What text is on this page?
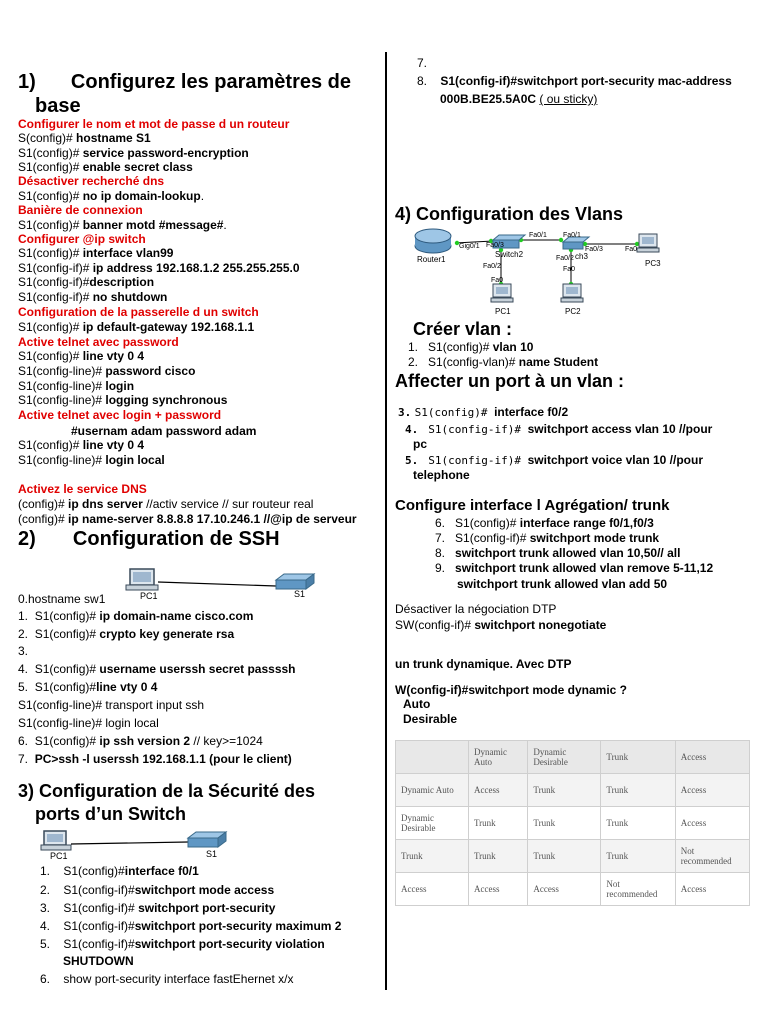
1) Configurez les paramètres de
base
Configurer le nom et mot de passe d un routeur
S(config)# hostname S1
S1(config)# service password-encryption
S1(config)# enable secret class
Désactiver recherché dns
S1(config)# no ip domain-lookup.
Banière de connexion
S1(config)# banner motd #message#.
Configurer @ip switch
S1(config)# interface vlan99
S1(config-if)# ip address 192.168.1.2 255.255.255.0
S1(config-if)#description
S1(config-if)# no shutdown
Configuration de la passerelle d un switch
S1(config)# ip default-gateway 192.168.1.1
Active telnet avec password
S1(config)# line vty 0 4
S1(config-line)# password cisco
S1(config-line)# login
S1(config-line)# logging synchronous
Active telnet avec login + password
#usernam adam password adam
S1(config)# line vty 0 4
S1(config-line)# login local
Activez le service DNS
(config)# ip dns server //activ service // sur routeur real
(config)# ip name-server 8.8.8.8 17.10.246.1 //@ip de serveur
2) Configuration de SSH
PC1	S1
0.hostname sw1
1. S1(config)# ip domain-name cisco.com
2. S1(config)# crypto key generate rsa
3.
4. S1(config)# username userssh secret passssh
5. S1(config)#line vty 0 4
S1(config-line)# transport input ssh
S1(config-line)# login local
6. S1(config)# ip ssh version 2 // key>=1024
7. PC>ssh -l userssh 192.168.1.1 (pour le client)
3) Configuration de la Sécurité des
ports d’un Switch
PC1	S1
1. S1(config)#interface f0/1
2. S1(config-if)#switchport mode access
3. S1(config-if)# switchport port-security
4. S1(config-if)#switchport port-security maximum 2
5. S1(config-if)#switchport port-security violation
SHUTDOWN
6. show port-security interface fastEhernet x/x
7.
8. S1(config-if)#switchport port-security mac-address
000B.BE25.5A0C ( ou sticky)
4) Configuration des Vlans
Router1
Switch2	ch3
PC1	PC2
PC3
Gig0/1 Fa0/3
Fa0/1 Fa0/1
Fa0/2
Fa0
Fa0/2
Fa0/3
Fa0
Fa0
Créer vlan :
1. S1(config)# vlan 10
2. S1(config-vlan)# name Student
Affecter un port à un vlan :
3. S1(config)# interface f0/2
4. S1(config-if)# switchport access vlan 10 //pour
pc
5. S1(config-if)# switchport voice vlan 10 //pour
telephone
Configure interface l Agrégation/ trunk
6. S1(config)# interface range f0/1,f0/3
7. S1(config-if)# switchport mode trunk
8. switchport trunk allowed vlan 10,50// all
9. switchport trunk allowed vlan remove 5-11,12
switchport trunk allowed vlan add 50
Désactiver la négociation DTP
SW(config-if)# switchport nonegotiate
un trunk dynamique. Avec DTP
W(config-if)#switchport mode dynamic ?
Auto
Desirable
	Dynamic Auto	Dynamic Desirable	Trunk	Access
Dynamic Auto	Access	Trunk	Trunk	Access
Dynamic Desirable	Trunk	Trunk	Trunk	Access
Trunk	Trunk	Trunk	Trunk	Not recommended
Access	Access	Access	Not recommended	Access
